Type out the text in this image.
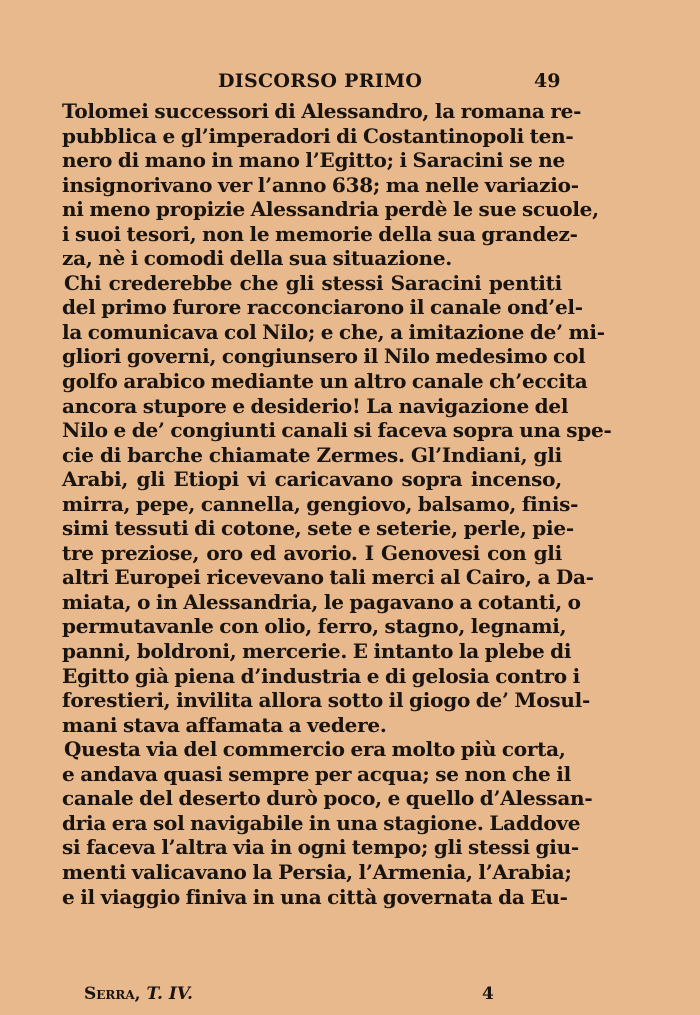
DISCORSO PRIMO	49
Tolomei successori di Alessandro, la romana re-
pubblica e gl’imperadori di Costantinopoli ten-
nero di mano in mano l’Egitto; i Saracini se ne
insignorivano ver l’anno 638; ma nelle variazio-
ni meno propizie Alessandria perdè le sue scuole,
i suoi tesori, non le memorie della sua grandez-
za, nè i comodi della sua situazione.
Chi crederebbe che gli stessi Saracini pentiti
del primo furore racconciarono il canale ond’el-
la comunicava col Nilo; e che, a imitazione de’ mi-
gliori governi, congiunsero il Nilo medesimo col
golfo arabico mediante un altro canale ch’eccita
ancora stupore e desiderio! La navigazione del
Nilo e de’ congiunti canali si faceva sopra una spe-
cie di barche chiamate Zermes. Gl’Indiani, gli
Arabi, gli Etiopi vi caricavano sopra incenso,
mirra, pepe, cannella, gengiovo, balsamo, finis-
simi tessuti di cotone, sete e seterie, perle, pie-
tre preziose, oro ed avorio. I Genovesi con gli
altri Europei ricevevano tali merci al Cairo, a Da-
miata, o in Alessandria, le pagavano a cotanti, o
permutavanle con olio, ferro, stagno, legnami,
panni, boldroni, mercerie. E intanto la plebe di
Egitto già piena d’industria e di gelosia contro i
forestieri, invilita allora sotto il giogo de’ Mosul-
mani stava affamata a vedere.
Questa via del commercio era molto più corta,
e andava quasi sempre per acqua; se non che il
canale del deserto durò poco, e quello d’Alessan-
dria era sol navigabile in una stagione. Laddove
si faceva l’altra via in ogni tempo; gli stessi giu-
menti valicavano la Persia, l’Armenia, l’Arabia;
e il viaggio finiva in una città governata da Eu-
Serra, T. IV.	4
